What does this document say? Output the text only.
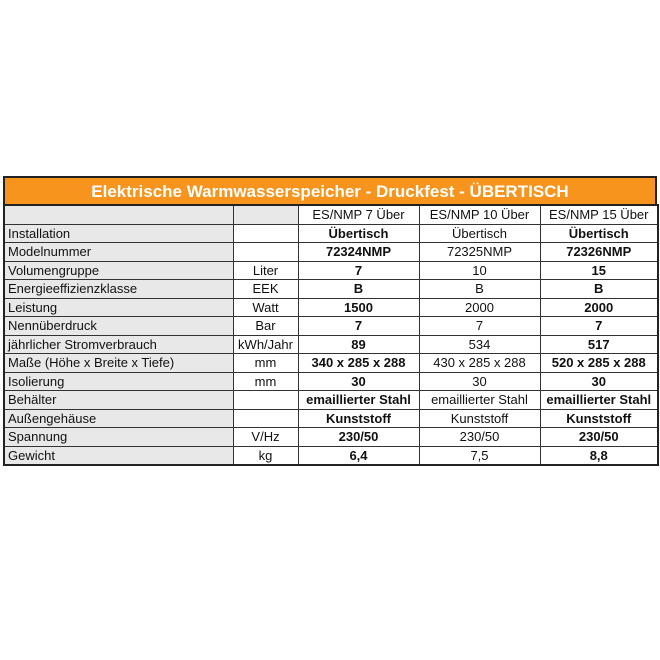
Elektrische Warmwasserspeicher - Druckfest - ÜBERTISCH
		ES/NMP 7 Über	ES/NMP 10 Über	ES/NMP 15 Über
Installation		Übertisch	Übertisch	Übertisch
Modelnummer		72324NMP	72325NMP	72326NMP
Volumengruppe	Liter	7	10	15
Energieeffizienzklasse	EEK	B	B	B
Leistung	Watt	1500	2000	2000
Nennüberdruck	Bar	7	7	7
jährlicher Stromverbrauch	kWh/Jahr	89	534	517
Maße (Höhe x Breite x Tiefe)	mm	340 x 285 x 288	430 x 285 x 288	520 x 285 x 288
Isolierung	mm	30	30	30
Behälter		emaillierter Stahl	emaillierter Stahl	emaillierter Stahl
Außengehäuse		Kunststoff	Kunststoff	Kunststoff
Spannung	V/Hz	230/50	230/50	230/50
Gewicht	kg	6,4	7,5	8,8
